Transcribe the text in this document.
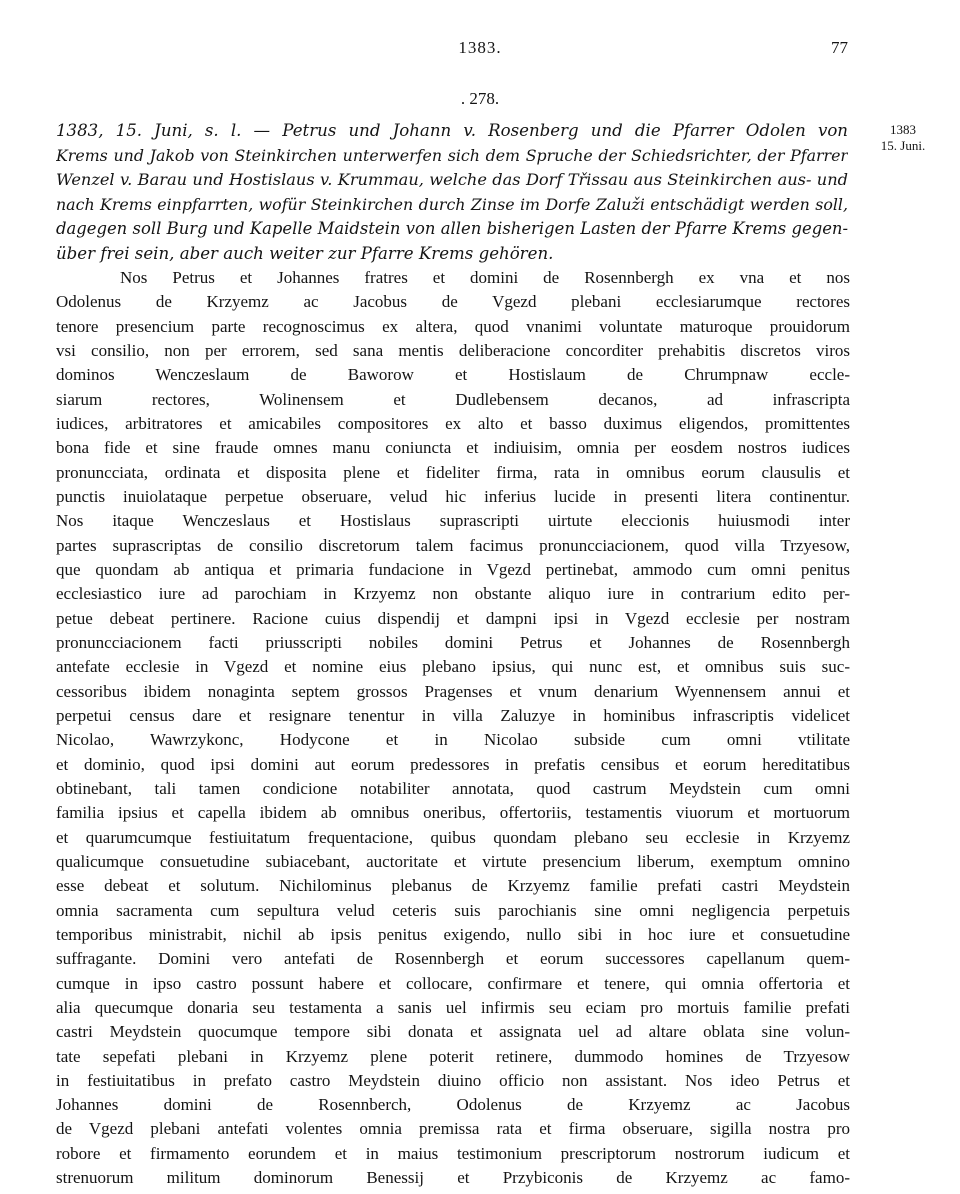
1383.	77
. 278.
1383
15. Juni.
1383, 15. Juni, s. l. — Petrus und Johann v. Rosenberg und die Pfarrer Odolen von
Krems und Jakob von Steinkirchen unterwerfen sich dem Spruche der Schiedsrichter, der Pfarrer
Wenzel v. Barau und Hostislaus v. Krummau, welche das Dorf Třissau aus Steinkirchen aus- und
nach Krems einpfarrten, wofür Steinkirchen durch Zinse im Dorfe Zaluži entschädigt werden soll,
dagegen soll Burg und Kapelle Maidstein von allen bisherigen Lasten der Pfarre Krems gegen-
über frei sein, aber auch weiter zur Pfarre Krems gehören.
Nos Petrus et Johannes fratres et domini de Rosennbergh ex vna et nos
Odolenus de Krzyemz ac Jacobus de Vgezd plebani ecclesiarumque rectores
tenore presencium parte recognoscimus ex altera, quod vnanimi voluntate maturoque prouidorum
vsi consilio, non per errorem, sed sana mentis deliberacione concorditer prehabitis discretos viros
dominos Wenczeslaum de Baworow et Hostislaum de Chrumpnaw eccle-
siarum rectores, Wolinensem et Dudlebensem decanos, ad infrascripta
iudices, arbitratores et amicabiles compositores ex alto et basso duximus eligendos, promittentes
bona fide et sine fraude omnes manu coniuncta et indiuisim, omnia per eosdem nostros iudices
pronuncciata, ordinata et disposita plene et fideliter firma, rata in omnibus eorum clausulis et
punctis inuiolataque perpetue obseruare, velud hic inferius lucide in presenti litera continentur.
Nos itaque Wenczeslaus et Hostislaus suprascripti uirtute eleccionis huiusmodi inter
partes suprascriptas de consilio discretorum talem facimus pronuncciacionem, quod villa Trzyesow,
que quondam ab antiqua et primaria fundacione in Vgezd pertinebat, ammodo cum omni penitus
ecclesiastico iure ad parochiam in Krzyemz non obstante aliquo iure in contrarium edito per-
petue debeat pertinere. Racione cuius dispendij et dampni ipsi in Vgezd ecclesie per nostram
pronuncciacionem facti priusscripti nobiles domini Petrus et Johannes de Rosennbergh
antefate ecclesie in Vgezd et nomine eius plebano ipsius, qui nunc est, et omnibus suis suc-
cessoribus ibidem nonaginta septem grossos Pragenses et vnum denarium Wyennensem annui et
perpetui census dare et resignare tenentur in villa Zaluzye in hominibus infrascriptis videlicet
Nicolao, Wawrzykonc, Hodycone et in Nicolao subside cum omni vtilitate
et dominio, quod ipsi domini aut eorum predessores in prefatis censibus et eorum hereditatibus
obtinebant, tali tamen condicione notabiliter annotata, quod castrum Meydstein cum omni
familia ipsius et capella ibidem ab omnibus oneribus, offertoriis, testamentis viuorum et mortuorum
et quarumcumque festiuitatum frequentacione, quibus quondam plebano seu ecclesie in Krzyemz
qualicumque consuetudine subiacebant, auctoritate et virtute presencium liberum, exemptum omnino
esse debeat et solutum. Nichilominus plebanus de Krzyemz familie prefati castri Meydstein
omnia sacramenta cum sepultura velud ceteris suis parochianis sine omni negligencia perpetuis
temporibus ministrabit, nichil ab ipsis penitus exigendo, nullo sibi in hoc iure et consuetudine
suffragante. Domini vero antefati de Rosennbergh et eorum successores capellanum quem-
cumque in ipso castro possunt habere et collocare, confirmare et tenere, qui omnia offertoria et
alia quecumque donaria seu testamenta a sanis uel infirmis seu eciam pro mortuis familie prefati
castri Meydstein quocumque tempore sibi donata et assignata uel ad altare oblata sine volun-
tate sepefati plebani in Krzyemz plene poterit retinere, dummodo homines de Trzyesow
in festiuitatibus in prefato castro Meydstein diuino officio non assistant. Nos ideo Petrus et
Johannes domini de Rosennberch, Odolenus de Krzyemz ac Jacobus
de Vgezd plebani antefati volentes omnia premissa rata et firma obseruare, sigilla nostra pro
robore et firmamento eorundem et in maius testimonium prescriptorum nostrorum iudicum et
strenuorum militum dominorum Benessij et Przybiconis de Krzyemz ac famo-
